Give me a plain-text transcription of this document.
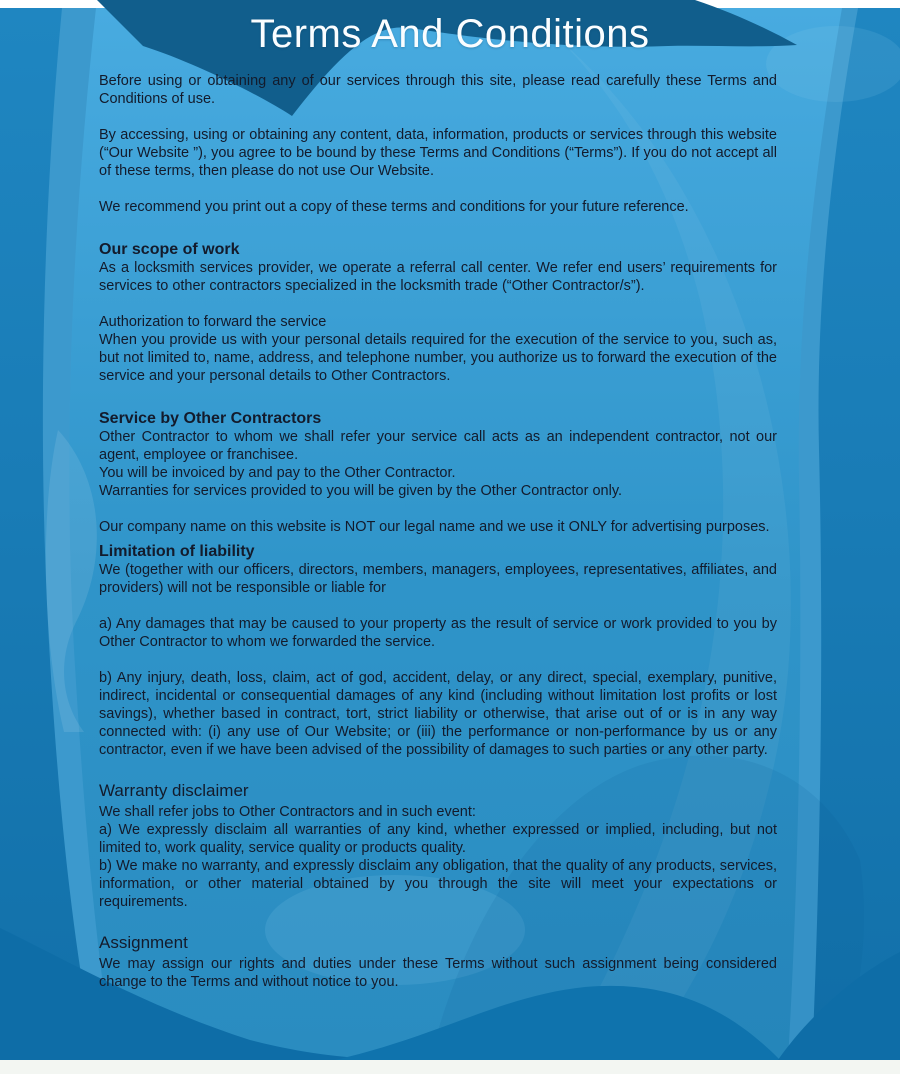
Terms And Conditions

Before using or obtaining any of our services through this site, please read carefully these Terms and Conditions of use.

By accessing, using or obtaining any content, data, information, products or services through this website (“Our Website ”), you agree to be bound by these Terms and Conditions (“Terms”). If you do not accept all of these terms, then please do not use Our Website.

We recommend you print out a copy of these terms and conditions for your future reference.

Our scope of work

As a locksmith services provider, we operate a referral call center. We refer end users’ requirements for services to other contractors specialized in the locksmith trade (“Other Contractor/s”).

Authorization to forward the service

When you provide us with your personal details required for the execution of the service to you, such as, but not limited to, name, address, and telephone number, you authorize us to forward the execution of the service and your personal details to Other Contractors.

Service by Other Contractors

Other Contractor to whom we shall refer your service call acts as an independent contractor, not our agent, employee or franchisee.

You will be invoiced by and pay to the Other Contractor.

Warranties for services provided to you will be given by the Other Contractor only.

Our company name on this website is NOT our legal name and we use it ONLY for advertising purposes.

Limitation of liability

We (together with our officers, directors, members, managers, employees, representatives, affiliates, and providers) will not be responsible or liable for

a) Any damages that may be caused to your property as the result of service or work provided to you by Other Contractor to whom we forwarded the service.

b) Any injury, death, loss, claim, act of god, accident, delay, or any direct, special, exemplary, punitive, indirect, incidental or consequential damages of any kind (including without limitation lost profits or lost savings), whether based in contract, tort, strict liability or otherwise, that arise out of or is in any way connected with: (i) any use of Our Website; or (iii) the performance or non-performance by us or any contractor, even if we have been advised of the possibility of damages to such parties or any other party.

Warranty disclaimer

We shall refer jobs to Other Contractors and in such event:

a) We expressly disclaim all warranties of any kind, whether expressed or implied, including, but not limited to, work quality, service quality or products quality.

b) We make no warranty, and expressly disclaim any obligation, that the quality of any products, services, information, or other material obtained by you through the site will meet your expectations or requirements.

Assignment

We may assign our rights and duties under these Terms without such assignment being considered change to the Terms and without notice to you.
